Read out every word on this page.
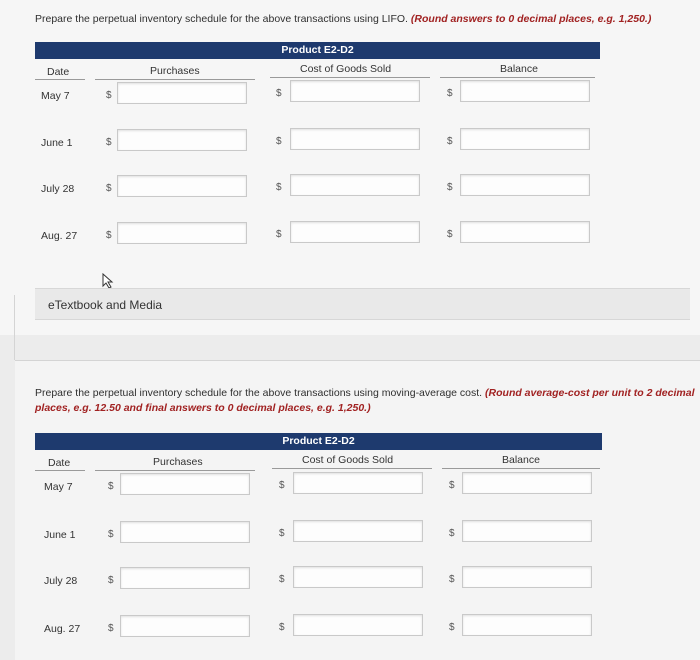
Prepare the perpetual inventory schedule for the above transactions using LIFO. (Round answers to 0 decimal places, e.g. 1,250.)
Product E2-D2
Date	Purchases	Cost of Goods Sold	Balance
May 7	$	$	$
June 1	$	$	$
July 28	$	$	$
Aug. 27	$	$	$
eTextbook and Media
Prepare the perpetual inventory schedule for the above transactions using moving-average cost. (Round average-cost per unit to 2 decimal places, e.g. 12.50 and final answers to 0 decimal places, e.g. 1,250.)
Product E2-D2
Date	Purchases	Cost of Goods Sold	Balance
May 7	$	$	$
June 1	$	$	$
July 28	$	$	$
Aug. 27	$	$	$
